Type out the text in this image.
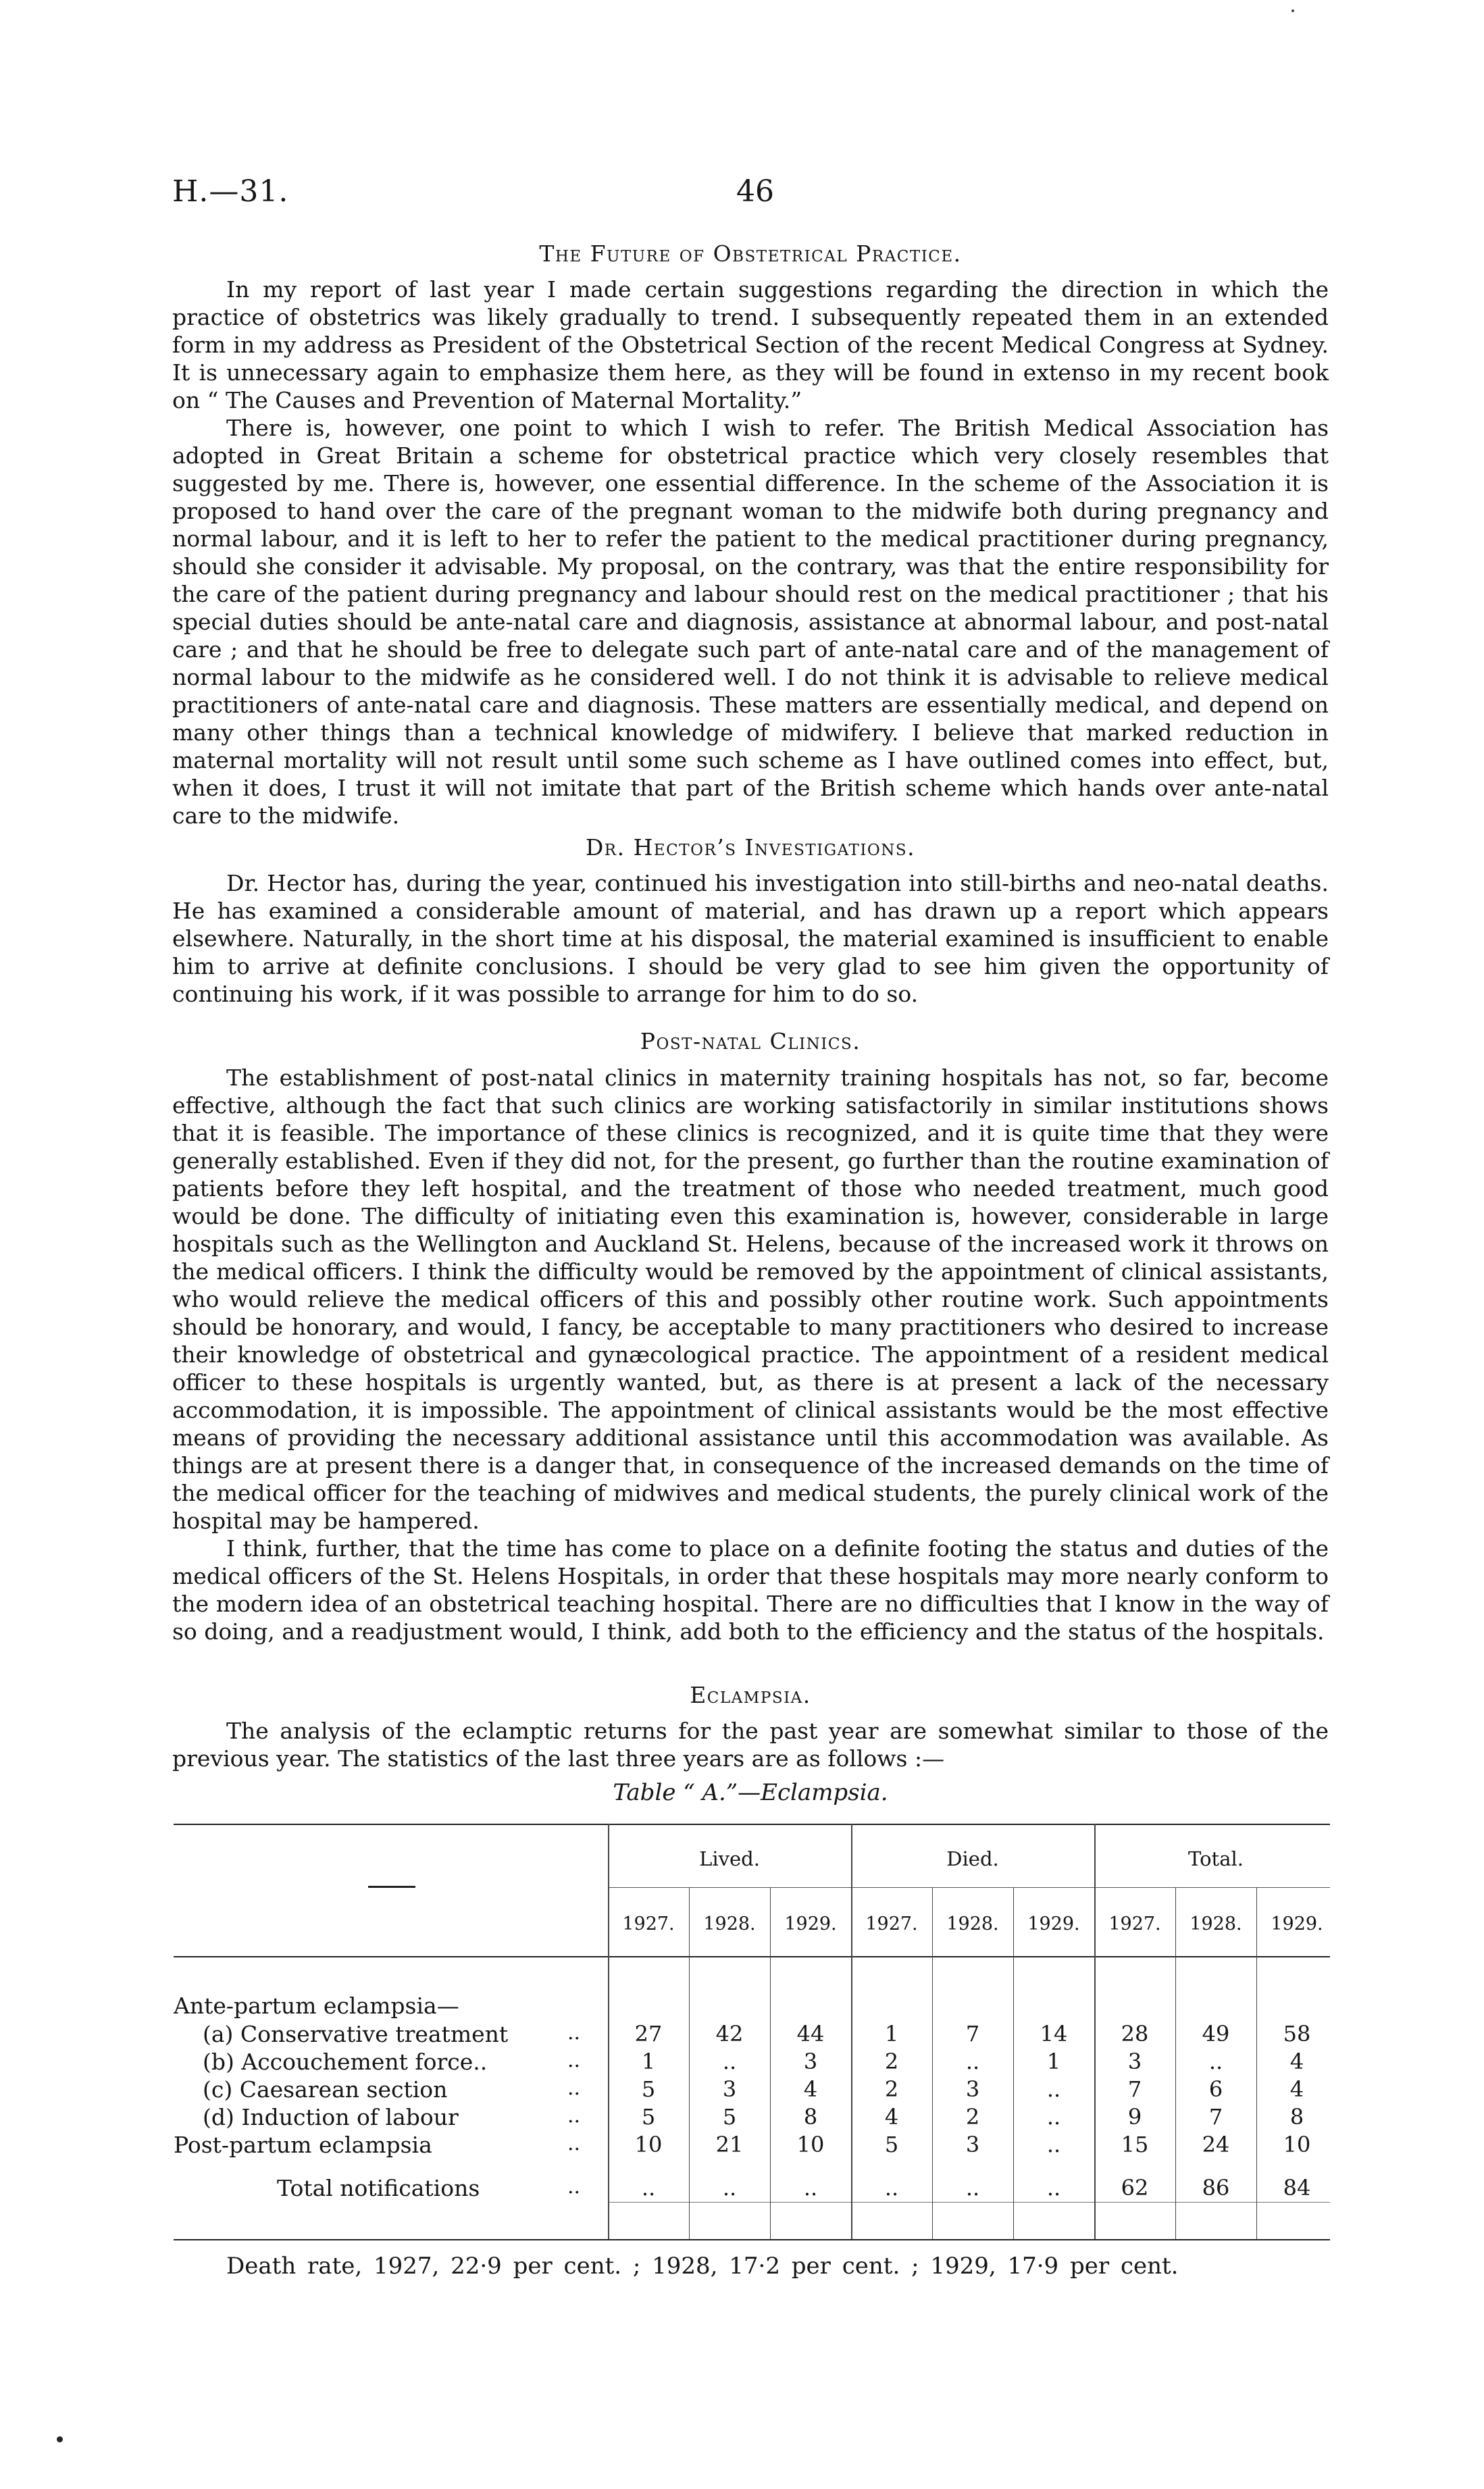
H.—31.	46
The Future of Obstetrical Practice.

In my report of last year I made certain suggestions regarding the direction in which the practice of obstetrics was likely gradually to trend. I subsequently repeated them in an extended form in my address as President of the Obstetrical Section of the recent Medical Congress at Sydney. It is unnecessary again to emphasize them here, as they will be found in extenso in my recent book on “ The Causes and Prevention of Maternal Mortality.”

There is, however, one point to which I wish to refer. The British Medical Association has adopted in Great Britain a scheme for obstetrical practice which very closely resembles that suggested by me. There is, however, one essential difference. In the scheme of the Association it is proposed to hand over the care of the pregnant woman to the midwife both during pregnancy and normal labour, and it is left to her to refer the patient to the medical practitioner during pregnancy, should she consider it advisable. My proposal, on the contrary, was that the entire responsibility for the care of the patient during pregnancy and labour should rest on the medical practitioner ; that his special duties should be ante-natal care and diagnosis, assistance at abnormal labour, and post-natal care ; and that he should be free to delegate such part of ante-natal care and of the management of normal labour to the midwife as he considered well. I do not think it is advisable to relieve medical practitioners of ante-natal care and diagnosis. These matters are essentially medical, and depend on many other things than a technical knowledge of midwifery. I believe that marked reduction in maternal mortality will not result until some such scheme as I have outlined comes into effect, but, when it does, I trust it will not imitate that part of the British scheme which hands over ante-natal care to the midwife.

Dr. Hector’s Investigations.

Dr. Hector has, during the year, continued his investigation into still-births and neo-natal deaths. He has examined a considerable amount of material, and has drawn up a report which appears elsewhere. Naturally, in the short time at his disposal, the material examined is insufficient to enable him to arrive at definite conclusions. I should be very glad to see him given the opportunity of continuing his work, if it was possible to arrange for him to do so.

Post-natal Clinics.

The establishment of post-natal clinics in maternity training hospitals has not, so far, become effective, although the fact that such clinics are working satisfactorily in similar institutions shows that it is feasible. The importance of these clinics is recognized, and it is quite time that they were generally established. Even if they did not, for the present, go further than the routine examination of patients before they left hospital, and the treatment of those who needed treatment, much good would be done. The difficulty of initiating even this examination is, however, considerable in large hospitals such as the Wellington and Auckland St. Helens, because of the increased work it throws on the medical officers. I think the difficulty would be removed by the appointment of clinical assistants, who would relieve the medical officers of this and possibly other routine work. Such appointments should be honorary, and would, I fancy, be acceptable to many practitioners who desired to increase their knowledge of obstetrical and gynæcological practice. The appointment of a resident medical officer to these hospitals is urgently wanted, but, as there is at present a lack of the necessary accommodation, it is impossible. The appointment of clinical assistants would be the most effective means of providing the necessary additional assistance until this accommodation was available. As things are at present there is a danger that, in consequence of the increased demands on the time of the medical officer for the teaching of midwives and medical students, the purely clinical work of the hospital may be hampered.

I think, further, that the time has come to place on a definite footing the status and duties of the medical officers of the St. Helens Hospitals, in order that these hospitals may more nearly conform to the modern idea of an obstetrical teaching hospital. There are no difficulties that I know in the way of so doing, and a readjustment would, I think, add both to the efficiency and the status of the hospitals.

Eclampsia.

The analysis of the eclamptic returns for the past year are somewhat similar to those of the previous year. The statistics of the last three years are as follows :—

Table “ A.”—Eclampsia.
Lived.	Died.	Total.
1927.	1928.	1929.	1927.	1928.	1929.	1927.	1928.	1929.
Ante-partum eclampsia—
(a) Conservative treatment	..	27	42	44	1	7	14	28	49	58
(b) Accouchement force..	..	1	..	3	2	..	1	3	..	4
(c) Caesarean section	..	5	3	4	2	3	..	7	6	4
(d) Induction of labour	..	5	5	8	4	2	..	9	7	8
Post-partum eclampsia	..	10	21	10	5	3	..	15	24	10
Total notifications	..	..	..	..	..	..	..	62	86	84
Death rate, 1927, 22·9 per cent. ; 1928, 17·2 per cent. ; 1929, 17·9 per cent.
